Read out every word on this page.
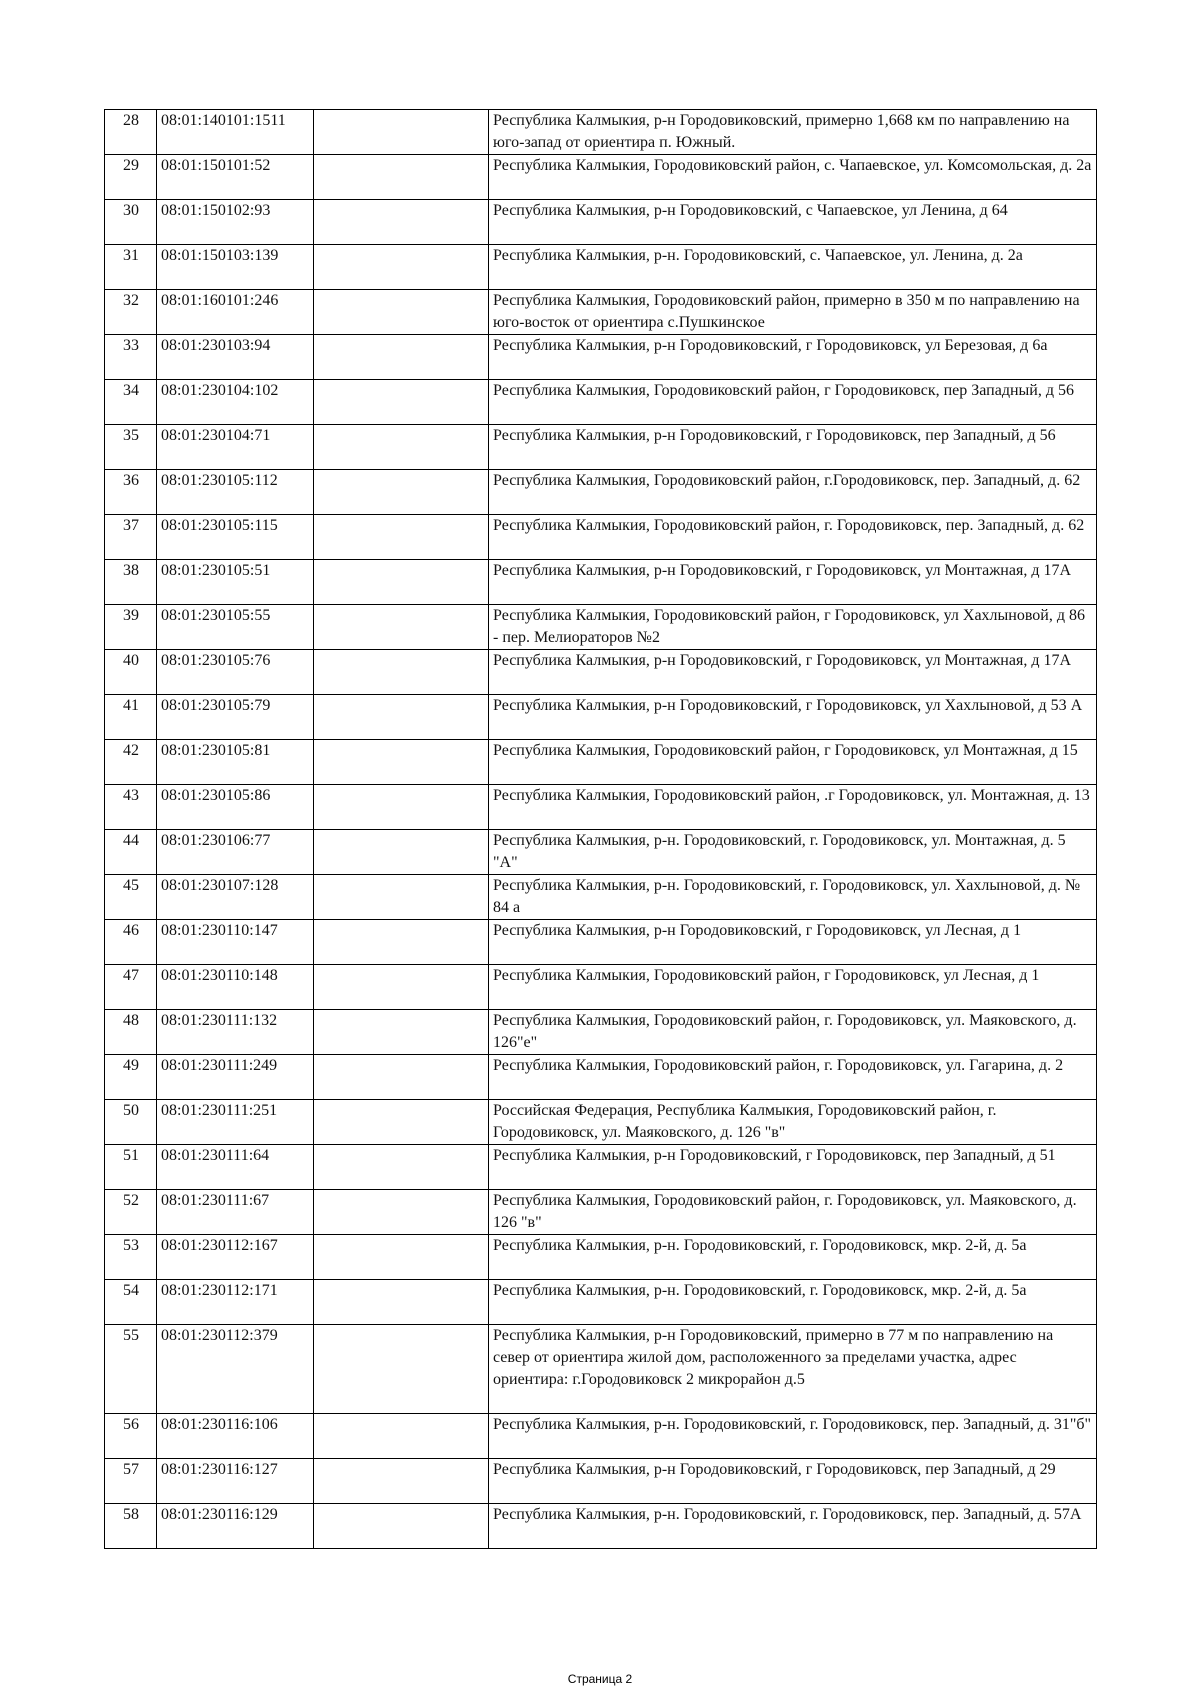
28	08:01:140101:1511		Республика Калмыкия, р-н Городовиковский, примерно 1,668 км по направлению на юго-запад от ориентира п. Южный.
29	08:01:150101:52		Республика Калмыкия, Городовиковский район, с. Чапаевское, ул. Комсомольская, д. 2а
30	08:01:150102:93		Республика Калмыкия, р-н Городовиковский, с Чапаевское, ул Ленина, д 64
31	08:01:150103:139		Республика Калмыкия, р-н. Городовиковский, с. Чапаевское, ул. Ленина, д. 2а
32	08:01:160101:246		Республика Калмыкия, Городовиковский район, примерно в 350 м по направлению на юго-восток от ориентира с.Пушкинское
33	08:01:230103:94		Республика Калмыкия, р-н Городовиковский, г Городовиковск, ул Березовая, д 6а
34	08:01:230104:102		Республика Калмыкия, Городовиковский район, г Городовиковск, пер Западный, д 56
35	08:01:230104:71		Республика Калмыкия, р-н Городовиковский, г Городовиковск, пер Западный, д 56
36	08:01:230105:112		Республика Калмыкия, Городовиковский район, г.Городовиковск, пер. Западный, д. 62
37	08:01:230105:115		Республика Калмыкия, Городовиковский район, г. Городовиковск, пер. Западный, д. 62
38	08:01:230105:51		Республика Калмыкия, р-н Городовиковский, г Городовиковск, ул Монтажная, д 17А
39	08:01:230105:55		Республика Калмыкия, Городовиковский район, г Городовиковск, ул Хахлыновой, д 86 - пер. Мелиораторов №2
40	08:01:230105:76		Республика Калмыкия, р-н Городовиковский, г Городовиковск, ул Монтажная, д 17А
41	08:01:230105:79		Республика Калмыкия, р-н Городовиковский, г Городовиковск, ул Хахлыновой, д 53 А
42	08:01:230105:81		Республика Калмыкия, Городовиковский район, г Городовиковск, ул Монтажная, д 15
43	08:01:230105:86		Республика Калмыкия, Городовиковский район, .г Городовиковск, ул. Монтажная, д. 13
44	08:01:230106:77		Республика Калмыкия, р-н. Городовиковский, г. Городовиковск, ул. Монтажная, д. 5 "А"
45	08:01:230107:128		Республика Калмыкия, р-н. Городовиковский, г. Городовиковск, ул. Хахлыновой, д. № 84 а
46	08:01:230110:147		Республика Калмыкия, р-н Городовиковский, г Городовиковск, ул Лесная, д 1
47	08:01:230110:148		Республика Калмыкия, Городовиковский район, г Городовиковск, ул Лесная, д 1
48	08:01:230111:132		Республика Калмыкия, Городовиковский район, г. Городовиковск, ул. Маяковского, д. 126"е"
49	08:01:230111:249		Республика Калмыкия, Городовиковский район, г. Городовиковск, ул. Гагарина, д. 2
50	08:01:230111:251		Российская Федерация, Республика Калмыкия, Городовиковский район, г. Городовиковск, ул. Маяковского, д. 126 "в"
51	08:01:230111:64		Республика Калмыкия, р-н Городовиковский, г Городовиковск, пер Западный, д 51
52	08:01:230111:67		Республика Калмыкия, Городовиковский район, г. Городовиковск, ул. Маяковского, д. 126 "в"
53	08:01:230112:167		Республика Калмыкия, р-н. Городовиковский, г. Городовиковск, мкр. 2-й, д. 5а
54	08:01:230112:171		Республика Калмыкия, р-н. Городовиковский, г. Городовиковск, мкр. 2-й, д. 5а
55	08:01:230112:379		Республика Калмыкия, р-н Городовиковский, примерно в 77 м по направлению на север от ориентира жилой дом, расположенного за пределами участка, адрес ориентира: г.Городовиковск 2 микрорайон д.5
56	08:01:230116:106		Республика Калмыкия, р-н. Городовиковский, г. Городовиковск, пер. Западный, д. 31"б"
57	08:01:230116:127		Республика Калмыкия, р-н Городовиковский, г Городовиковск, пер Западный, д 29
58	08:01:230116:129		Республика Калмыкия, р-н. Городовиковский, г. Городовиковск, пер. Западный, д. 57А
Страница 2
